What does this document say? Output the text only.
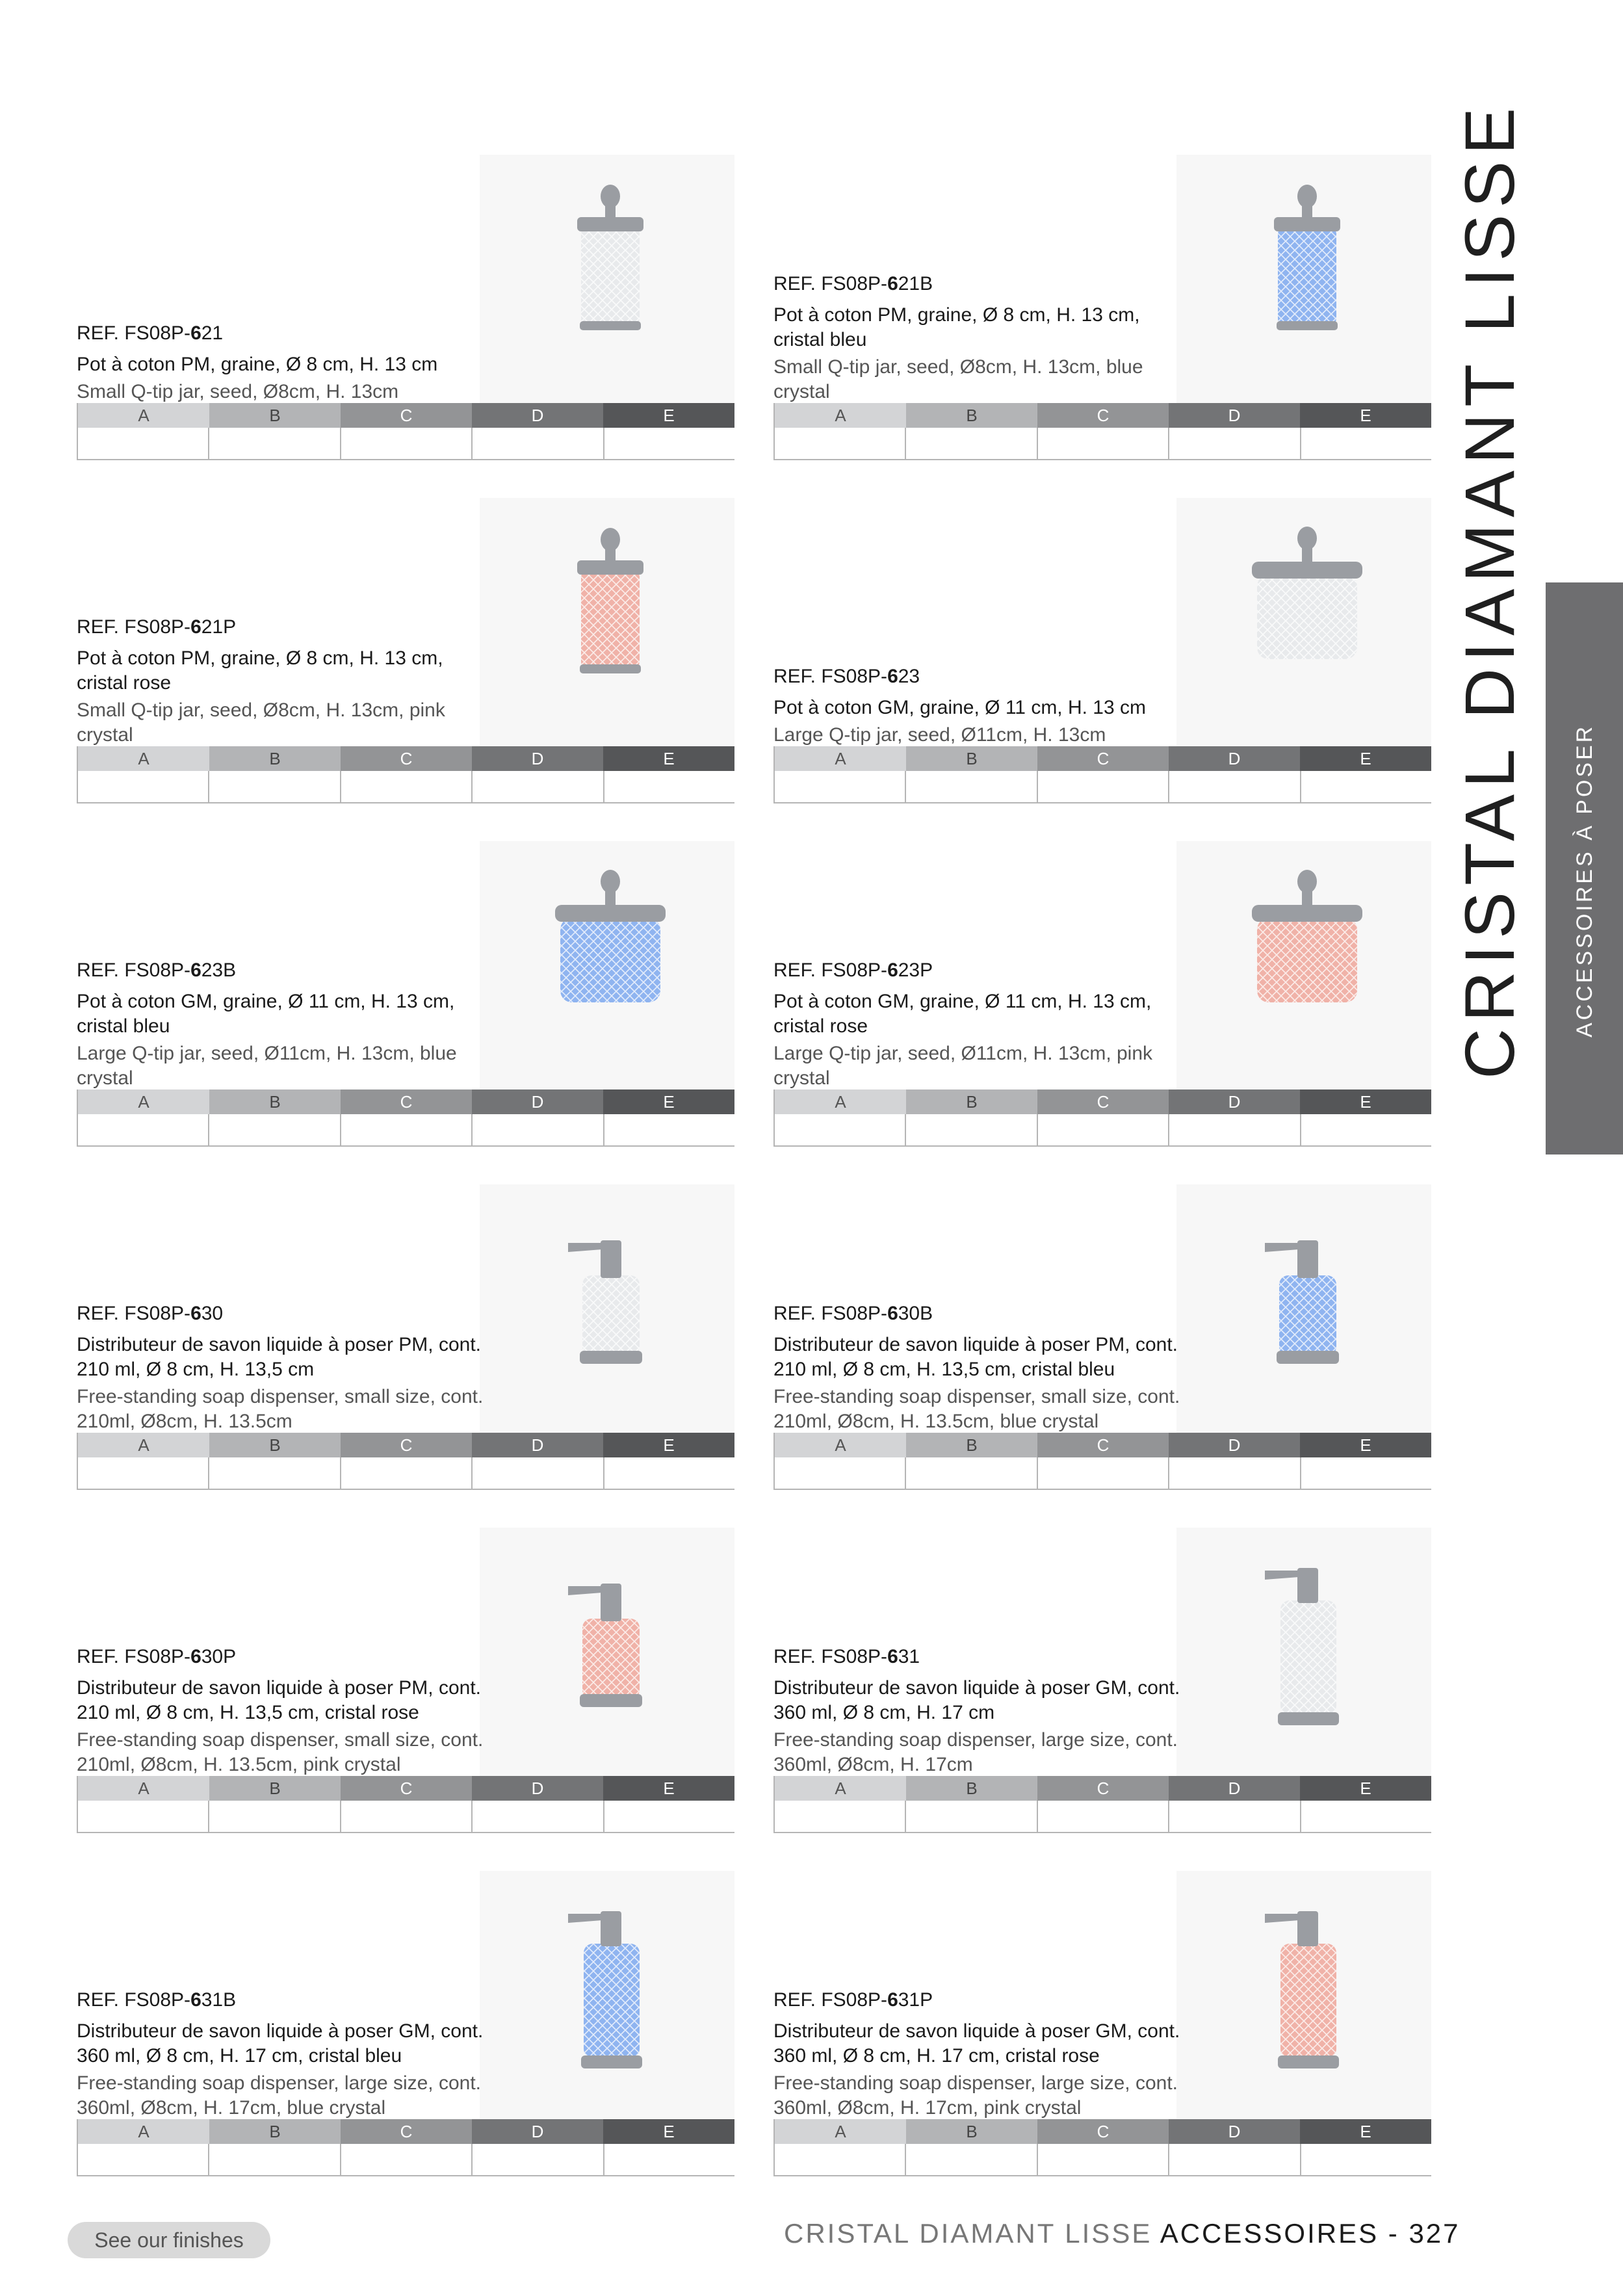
CRISTAL DIAMANT LISSE ACCESSOIRES À POSER
REF. FS08P-621
Pot à coton PM, graine, Ø 8 cm, H. 13 cm
Small Q-tip jar, seed, Ø8cm, H. 13cm
A	B	C	D	E
REF. FS08P-621B
Pot à coton PM, graine, Ø 8 cm, H. 13 cm, cristal bleu
Small Q-tip jar, seed, Ø8cm, H. 13cm, blue crystal
A	B	C	D	E
REF. FS08P-621P
Pot à coton PM, graine, Ø 8 cm, H. 13 cm, cristal rose
Small Q-tip jar, seed, Ø8cm, H. 13cm, pink crystal
A	B	C	D	E
REF. FS08P-623
Pot à coton GM, graine, Ø 11 cm, H. 13 cm
Large Q-tip jar, seed, Ø11cm, H. 13cm
A	B	C	D	E
REF. FS08P-623B
Pot à coton GM, graine, Ø 11 cm, H. 13 cm, cristal bleu
Large Q-tip jar, seed, Ø11cm, H. 13cm, blue crystal
A	B	C	D	E
REF. FS08P-623P
Pot à coton GM, graine, Ø 11 cm, H. 13 cm, cristal rose
Large Q-tip jar, seed, Ø11cm, H. 13cm, pink crystal
A	B	C	D	E
REF. FS08P-630
Distributeur de savon liquide à poser PM, cont. 210 ml, Ø 8 cm, H. 13,5 cm
Free-standing soap dispenser, small size, cont. 210ml, Ø8cm, H. 13.5cm
A	B	C	D	E
REF. FS08P-630B
Distributeur de savon liquide à poser PM, cont. 210 ml, Ø 8 cm, H. 13,5 cm, cristal bleu
Free-standing soap dispenser, small size, cont. 210ml, Ø8cm, H. 13.5cm, blue crystal
A	B	C	D	E
REF. FS08P-630P
Distributeur de savon liquide à poser PM, cont. 210 ml, Ø 8 cm, H. 13,5 cm, cristal rose
Free-standing soap dispenser, small size, cont. 210ml, Ø8cm, H. 13.5cm, pink crystal
A	B	C	D	E
REF. FS08P-631
Distributeur de savon liquide à poser GM, cont. 360 ml, Ø 8 cm, H. 17 cm
Free-standing soap dispenser, large size, cont. 360ml, Ø8cm, H. 17cm
A	B	C	D	E
REF. FS08P-631B
Distributeur de savon liquide à poser GM, cont. 360 ml, Ø 8 cm, H. 17 cm, cristal bleu
Free-standing soap dispenser, large size, cont. 360ml, Ø8cm, H. 17cm, blue crystal
A	B	C	D	E
REF. FS08P-631P
Distributeur de savon liquide à poser GM, cont. 360 ml, Ø 8 cm, H. 17 cm, cristal rose
Free-standing soap dispenser, large size, cont. 360ml, Ø8cm, H. 17cm, pink crystal
A	B	C	D	E
See our finishes	CRISTAL DIAMANT LISSE ACCESSOIRES - 327
